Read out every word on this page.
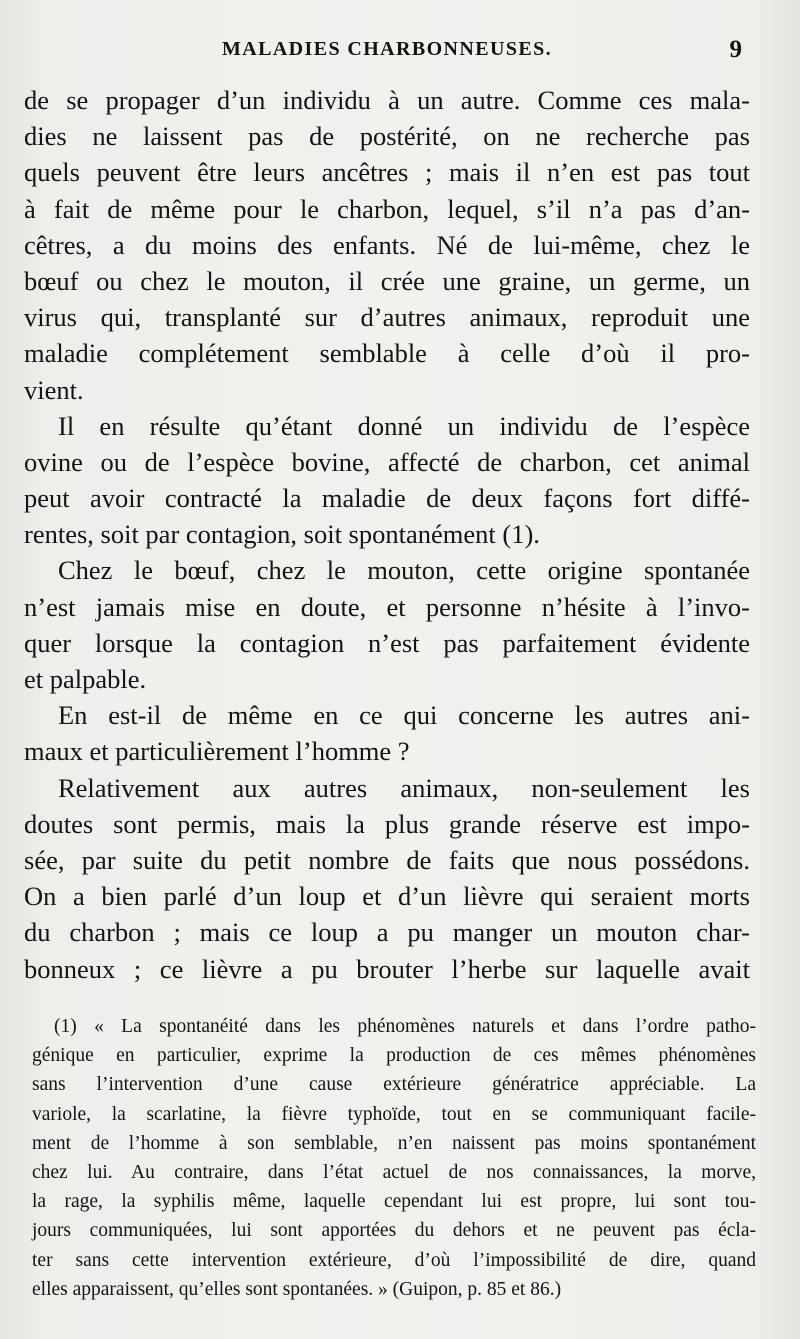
MALADIES CHARBONNEUSES.	9
de se propager d’un individu à un autre. Comme ces mala-
dies ne laissent pas de postérité, on ne recherche pas
quels peuvent être leurs ancêtres ; mais il n’en est pas tout
à fait de même pour le charbon, lequel, s’il n’a pas d’an-
cêtres, a du moins des enfants. Né de lui-même, chez le
bœuf ou chez le mouton, il crée une graine, un germe, un
virus qui, transplanté sur d’autres animaux, reproduit une
maladie complétement semblable à celle d’où il pro-
vient.
Il en résulte qu’étant donné un individu de l’espèce
ovine ou de l’espèce bovine, affecté de charbon, cet animal
peut avoir contracté la maladie de deux façons fort diffé-
rentes, soit par contagion, soit spontanément (1).
Chez le bœuf, chez le mouton, cette origine spontanée
n’est jamais mise en doute, et personne n’hésite à l’invo-
quer lorsque la contagion n’est pas parfaitement évidente
et palpable.
En est-il de même en ce qui concerne les autres ani-
maux et particulièrement l’homme ?
Relativement aux autres animaux, non-seulement les
doutes sont permis, mais la plus grande réserve est impo-
sée, par suite du petit nombre de faits que nous possédons.
On a bien parlé d’un loup et d’un lièvre qui seraient morts
du charbon ; mais ce loup a pu manger un mouton char-
bonneux ; ce lièvre a pu brouter l’herbe sur laquelle avait
(1) « La spontanéité dans les phénomènes naturels et dans l’ordre patho-
génique en particulier, exprime la production de ces mêmes phénomènes
sans l’intervention d’une cause extérieure génératrice appréciable. La
variole, la scarlatine, la fièvre typhoïde, tout en se communiquant facile-
ment de l’homme à son semblable, n’en naissent pas moins spontanément
chez lui. Au contraire, dans l’état actuel de nos connaissances, la morve,
la rage, la syphilis même, laquelle cependant lui est propre, lui sont tou-
jours communiquées, lui sont apportées du dehors et ne peuvent pas écla-
ter sans cette intervention extérieure, d’où l’impossibilité de dire, quand
elles apparaissent, qu’elles sont spontanées. » (Guipon, p. 85 et 86.)
